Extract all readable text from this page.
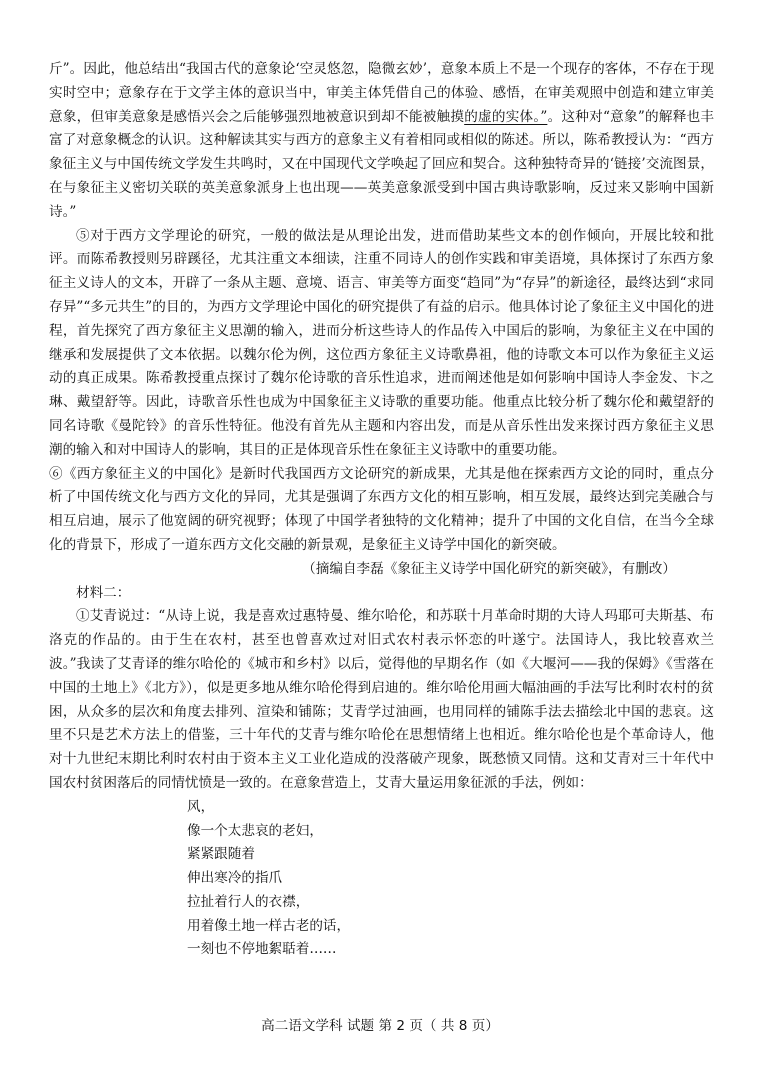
斤”。因此，他总结出“我国古代的意象论‘空灵悠忽，隐微玄妙’，意象本质上不是一个现存的客体，不存在于现实时空中；意象存在于文学主体的意识当中，审美主体凭借自己的体验、感悟，在审美观照中创造和建立审美意象，但审美意象是感悟兴会之后能够强烈地被意识到却不能被触摸的虚的实体。”。这种对“意象”的解释也丰富了对意象概念的认识。这种解读其实与西方的意象主义有着相同或相似的陈述。所以，陈希教授认为：“西方象征主义与中国传统文学发生共鸣时，又在中国现代文学唤起了回应和契合。这种独特奇异的‘链接’交流图景，在与象征主义密切关联的英美意象派身上也出现——英美意象派受到中国古典诗歌影响，反过来又影响中国新诗。”

⑤对于西方文学理论的研究，一般的做法是从理论出发，进而借助某些文本的创作倾向，开展比较和批评。而陈希教授则另辟蹊径，尤其注重文本细读，注重不同诗人的创作实践和审美语境，具体探讨了东西方象征主义诗人的文本，开辟了一条从主题、意境、语言、审美等方面变“趋同”为“存异”的新途径，最终达到“求同存异”“多元共生”的目的，为西方文学理论中国化的研究提供了有益的启示。他具体讨论了象征主义中国化的进程，首先探究了西方象征主义思潮的输入，进而分析这些诗人的作品传入中国后的影响，为象征主义在中国的继承和发展提供了文本依据。以魏尔伦为例，这位西方象征主义诗歌鼻祖，他的诗歌文本可以作为象征主义运动的真正成果。陈希教授重点探讨了魏尔伦诗歌的音乐性追求，进而阐述他是如何影响中国诗人李金发、卞之琳、戴望舒等。因此，诗歌音乐性也成为中国象征主义诗歌的重要功能。他重点比较分析了魏尔伦和戴望舒的同名诗歌《曼陀铃》的音乐性特征。他没有首先从主题和内容出发，而是从音乐性出发来探讨西方象征主义思潮的输入和对中国诗人的影响，其目的正是体现音乐性在象征主义诗歌中的重要功能。

⑥《西方象征主义的中国化》是新时代我国西方文论研究的新成果，尤其是他在探索西方文论的同时，重点分析了中国传统文化与西方文化的异同，尤其是强调了东西方文化的相互影响，相互发展，最终达到完美融合与相互启迪，展示了他宽阔的研究视野；体现了中国学者独特的文化精神；提升了中国的文化自信，在当今全球化的背景下，形成了一道东西方文化交融的新景观，是象征主义诗学中国化的新突破。

（摘编自李磊《象征主义诗学中国化研究的新突破》，有删改）

材料二：

①艾青说过：“从诗上说，我是喜欢过惠特曼、维尔哈伦，和苏联十月革命时期的大诗人玛耶可夫斯基、布洛克的作品的。由于生在农村，甚至也曾喜欢过对旧式农村表示怀恋的叶遂宁。法国诗人，我比较喜欢兰波。”我读了艾青译的维尔哈伦的《城市和乡村》以后，觉得他的早期名作（如《大堰河——我的保姆》《雪落在中国的土地上》《北方》），似是更多地从维尔哈伦得到启迪的。维尔哈伦用画大幅油画的手法写比利时农村的贫困，从众多的层次和角度去排列、渲染和铺陈；艾青学过油画，也用同样的铺陈手法去描绘北中国的悲哀。这里不只是艺术方法上的借鉴，三十年代的艾青与维尔哈伦在思想情绪上也相近。维尔哈伦也是个革命诗人，他对十九世纪末期比利时农村由于资本主义工业化造成的没落破产现象，既愁愤又同情。这和艾青对三十年代中国农村贫困落后的同情忧愤是一致的。在意象营造上，艾青大量运用象征派的手法，例如：

风，
像一个太悲哀的老妇，
紧紧跟随着
伸出寒冷的指爪
拉扯着行人的衣襟，
用着像土地一样古老的话，
一刻也不停地絮聒着……
高二语文学科 试题 第 2 页（ 共 8 页）
